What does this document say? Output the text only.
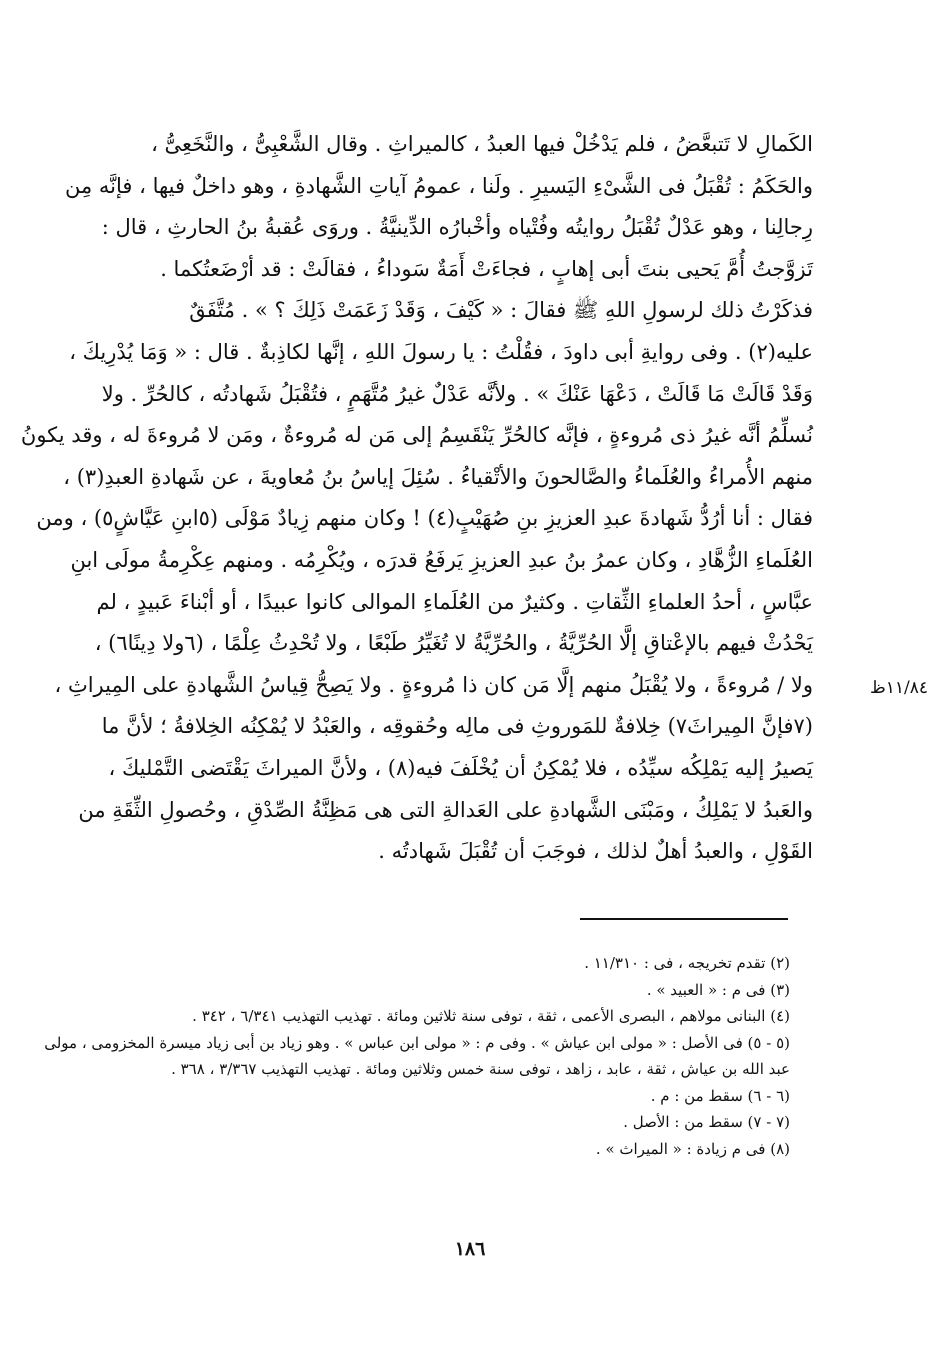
الكَمالِ لا تَتبعَّضُ ، فلم يَدْخُلْ فيها العبدُ ، كالميراثِ . وقال الشَّعْبِىُّ ، والنَّخَعِىُّ ،
والحَكَمُ : تُقْبَلُ فى الشَّىْءِ اليَسيرِ . ولَنا ، عمومُ آياتِ الشَّهادةِ ، وهو داخلٌ فيها ، فإنَّه مِن
رِجالِنا ، وهو عَدْلٌ تُقْبَلُ روايتُه وفُتْياه وأخْبارُه الدِّينيَّةُ . وروَى عُقبةُ بنُ الحارثِ ، قال :
تَزوَّجتُ أُمَّ يَحيى بنتَ أبى إهابٍ ، فجاءَتْ أَمَةٌ سَوداءُ ، فقالَتْ : قد أرْضَعتُكما .
فذكَرْتُ ذلك لرسولِ اللهِ ﷺ فقالَ : « كَيْفَ ، وَقَدْ زَعَمَتْ ذَلِكَ ؟ » . مُتَّفَقٌ
عليه(٢) . وفى روايةِ أبى داودَ ، فقُلْتُ : يا رسولَ اللهِ ، إنَّها لكاذِبةٌ . قال : « وَمَا يُدْرِيكَ ،
وَقَدْ قَالَتْ مَا قَالَتْ ، دَعْهَا عَنْكَ » . ولأنَّه عَدْلٌ غيرُ مُتَّهَمٍ ، فتُقْبَلُ شَهادتُه ، كالحُرِّ . ولا
نُسلِّمُ أنَّه غيرُ ذى مُروءةٍ ، فإنَّه كالحُرِّ يَنْقَسِمُ إلى مَن له مُروءةٌ ، ومَن لا مُروءةَ له ، وقد يكونُ
منهم الأُمراءُ والعُلَماءُ والصَّالحونَ والأتْقياءُ . سُئِلَ إياسُ بنُ مُعاويةَ ، عن شَهادةِ العبدِ(٣) ،
فقال : أنا أرُدُّ شَهادةَ عبدِ العزيزِ بنِ صُهَيْبٍ(٤) ! وكان منهم زِيادٌ مَوْلَى (٥ابنِ عَيَّاشٍ٥) ، ومن
العُلَماءِ الزُّهَّادِ ، وكان عمرُ بنُ عبدِ العزيزِ يَرفَعُ قدرَه ، ويُكْرِمُه . ومنهم عِكْرِمةُ مولَى ابنِ
عبَّاسٍ ، أحدُ العلماءِ الثِّقاتِ . وكثيرٌ من العُلَماءِ الموالى كانوا عبيدًا ، أو أبْناءَ عَبيدٍ ، لم
يَحْدُثْ فيهم بالإعْتاقِ إلَّا الحُرِّيَّةُ ، والحُرِّيَّةُ لا تُغَيِّرُ طَبْعًا ، ولا تُحْدِثُ عِلْمًا ، (٦ولا دِينًا٦) ،
ولا / مُروءةً ، ولا يُقْبَلُ منهم إلَّا مَن كان ذا مُروءةٍ . ولا يَصِحُّ قِياسُ الشَّهادةِ على المِيراثِ ،
(٧فإنَّ المِيراثَ٧) خِلافةٌ للمَوروثِ فى مالِه وحُقوقِه ، والعَبْدُ لا يُمْكِنُه الخِلافةُ ؛ لأنَّ ما
يَصيرُ إليه يَمْلِكُه سيِّدُه ، فلا يُمْكِنُ أن يُخْلَفَ فيه(٨) ، ولأنَّ الميراثَ يَقْتَضى التَّمْليكَ ،
والعَبدُ لا يَمْلِكُ ، ومَبْنَى الشَّهادةِ على العَدالةِ التى هى مَظِنَّةُ الصِّدْقِ ، وحُصولِ الثِّقَةِ من
القَوْلِ ، والعبدُ أهلٌ لذلك ، فوجَبَ أن تُقْبَلَ شَهادتُه .
١١/٨٤ظ
(٢) تقدم تخريجه ، فى : ١١/٣١٠ .
(٣) فى م : « العبيد » .
(٤) البنانى مولاهم ، البصرى الأعمى ، ثقة ، توفى سنة ثلاثين ومائة . تهذيب التهذيب ٦/٣٤١ ، ٣٤٢ .
(٥ - ٥) فى الأصل : « مولى ابن عياش » . وفى م : « مولى ابن عباس » . وهو زياد بن أبى زياد ميسرة المخزومى ، مولى
عبد الله بن عياش ، ثقة ، عابد ، زاهد ، توفى سنة خمس وثلاثين ومائة . تهذيب التهذيب ٣/٣٦٧ ، ٣٦٨ .
(٦ - ٦) سقط من : م .
(٧ - ٧) سقط من : الأصل .
(٨) فى م زيادة : « الميراث » .
١٨٦
